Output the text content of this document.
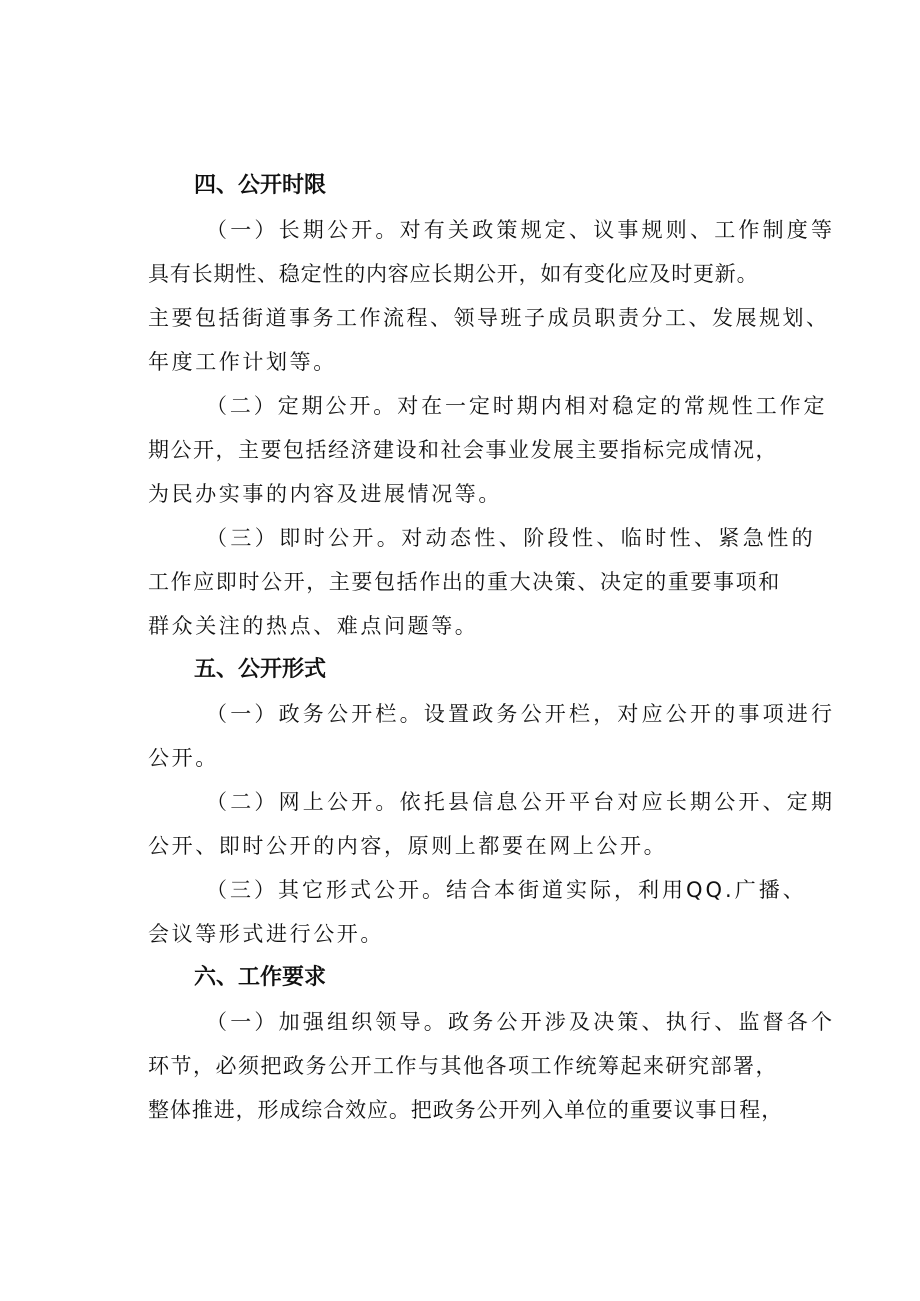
四、公开时限
（一）长期公开。对有关政策规定、议事规则、工作制度等
具有长期性、稳定性的内容应长期公开，如有变化应及时更新。
主要包括街道事务工作流程、领导班子成员职责分工、发展规划、
年度工作计划等。
（二）定期公开。对在一定时期内相对稳定的常规性工作定
期公开，主要包括经济建设和社会事业发展主要指标完成情况，
为民办实事的内容及进展情况等。
（三）即时公开。对动态性、阶段性、临时性、紧急性的
工作应即时公开，主要包括作出的重大决策、决定的重要事项和
群众关注的热点、难点问题等。
五、公开形式
（一）政务公开栏。设置政务公开栏，对应公开的事项进行
公开。
（二）网上公开。依托县信息公开平台对应长期公开、定期
公开、即时公开的内容，原则上都要在网上公开。
（三）其它形式公开。结合本街道实际，利用QQ.广播、
会议等形式进行公开。
六、工作要求
（一）加强组织领导。政务公开涉及决策、执行、监督各个
环节，必须把政务公开工作与其他各项工作统筹起来研究部署，
整体推进，形成综合效应。把政务公开列入单位的重要议事日程，
